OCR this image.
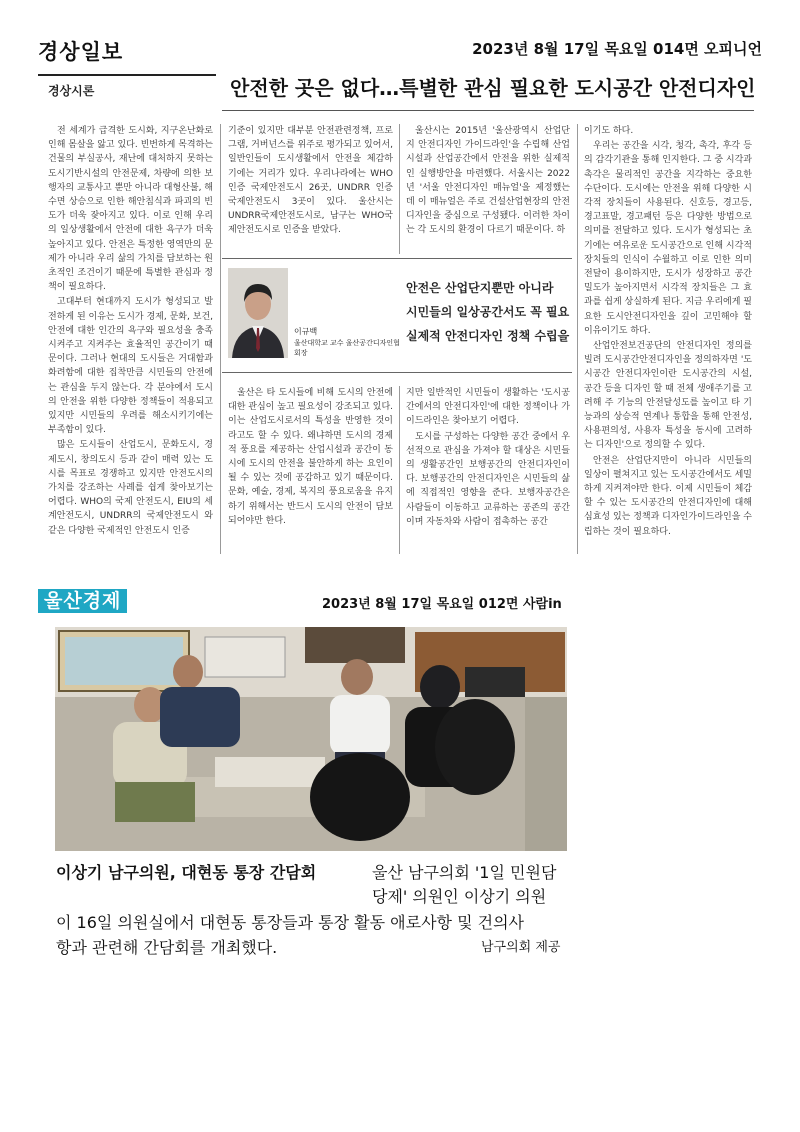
경상일보	2023년 8월 17일 목요일 014면 오피니언
경상시론	안전한 곳은 없다…특별한 관심 필요한 도시공간 안전디자인

전 세계가 급격한 도시화, 지구온난화로 인해 몸살을 앓고 있다. 빈번하게 목격하는 건물의 부실공사, 재난에 대처하지 못하는 도시기반시설의 안전문제, 차량에 의한 보행자의 교통사고 뿐만 아니라 대형산불, 해수면 상승으로 인한 해안침식과 파괴의 빈도가 더욱 잦아지고 있다. 이로 인해 우리의 일상생활에서 안전에 대한 욕구가 더욱 높아지고 있다. 안전은 특정한 영역만의 문제가 아니라 우리 삶의 가치를 담보하는 원초적인 조건이기 때문에 특별한 관심과 정책이 필요하다.

고대부터 현대까지 도시가 형성되고 발전하게 된 이유는 도시가 경제, 문화, 보건, 안전에 대한 인간의 욕구와 필요성을 충족시켜주고 지켜주는 효율적인 공간이기 때문이다. 그러나 현대의 도시들은 거대함과 화려함에 대한 집착만큼 시민들의 안전에는 관심을 두지 않는다. 각 분야에서 도시의 안전을 위한 다양한 정책들이 적용되고 있지만 시민들의 우려를 해소시키기에는 부족함이 있다.

많은 도시들이 산업도시, 문화도시, 경제도시, 창의도시 등과 같이 매력 있는 도시를 목표로 경쟁하고 있지만 안전도시의 가치를 강조하는 사례를 쉽게 찾아보기는 어렵다. WHO의 국제 안전도시, EIU의 세계안전도시, UNDRR의 국제안전도시 와 같은 다양한 국제적인 안전도시 인증

기준이 있지만 대부분 안전관련정책, 프로그램, 거버넌스를 위주로 평가되고 있어서, 일반인들이 도시생활에서 안전을 체감하기에는 거리가 있다. 우리나라에는 WHO인증 국제안전도시 26곳, UNDRR 인증 국제안전도시 3곳이 있다. 울산시는 UNDRR국제안전도시로, 남구는 WHO국제안전도시로 인증을 받았다.

울산시는 2015년 '울산광역시 산업단지 안전디자인 가이드라인'을 수립해 산업시설과 산업공간에서 안전을 위한 실제적인 실행방안을 마련했다. 서울시는 2022년 '서울 안전디자인 매뉴얼'을 제정했는데 이 매뉴얼은 주로 건설산업현장의 안전디자인을 중심으로 구성됐다. 이러한 차이는 각 도시의 환경이 다르기 때문이다. 하

이규백
울산대학교 교수 울산공간디자인협회장
안전은 산업단지뿐만 아니라
시민들의 일상공간서도 꼭 필요
실제적 안전디자인 정책 수립을

울산은 타 도시들에 비해 도시의 안전에 대한 관심이 높고 필요성이 강조되고 있다. 이는 산업도시로서의 특성을 반영한 것이라고도 할 수 있다. 왜냐하면 도시의 경제적 풍요를 제공하는 산업시설과 공간이 동시에 도시의 안전을 불안하게 하는 요인이 될 수 있는 것에 공감하고 있기 때문이다. 문화, 예술, 경제, 복지의 풍요로움을 유지하기 위해서는 반드시 도시의 안전이 담보 되어야만 한다.

지만 일반적인 시민들이 생활하는 '도시공간에서의 안전디자인'에 대한 정책이나 가이드라인은 찾아보기 어렵다.

도시를 구성하는 다양한 공간 중에서 우선적으로 관심을 가져야 할 대상은 시민들의 생활공간인 보행공간의 안전디자인이다. 보행공간의 안전디자인은 시민들의 삶에 직접적인 영향을 준다. 보행자공간은 사람들이 이동하고 교류하는 공존의 공간이며 자동차와 사람이 접촉하는 공간

이기도 하다.

우리는 공간을 시각, 청각, 촉각, 후각 등의 감각기관을 통해 인지한다. 그 중 시각과 촉각은 물리적인 공간을 지각하는 중요한 수단이다. 도시에는 안전을 위해 다양한 시각적 장치들이 사용된다. 신호등, 경고등, 경고표말, 경고패턴 등은 다양한 방법으로 의미를 전달하고 있다. 도시가 형성되는 초기에는 여유로운 도시공간으로 인해 시각적 장치들의 인식이 수월하고 이로 인한 의미전달이 용이하지만, 도시가 성장하고 공간밀도가 높아지면서 시각적 장치들은 그 효과를 쉽게 상실하게 된다. 지금 우리에게 필요한 도시안전디자인을 깊이 고민해야 할 이유이기도 하다.

산업안전보건공단의 안전디자인 정의를 빌려 도시공간안전디자인을 정의하자면 '도시공간 안전디자인이란 도시공간의 시설, 공간 등을 디자인 할 때 전체 생애주기를 고려해 주 기능의 안전달성도를 높이고 타 기능과의 상승적 연계나 통합을 통해 안전성, 사용편의성, 사용자 특성을 동시에 고려하는 디자인'으로 정의할 수 있다.

안전은 산업단지만이 아니라 시민들의 일상이 펼쳐지고 있는 도시공간에서도 세밀하게 지켜져야만 한다. 이제 시민들이 체감할 수 있는 도시공간의 안전디자인에 대해 심효성 있는 정책과 디자인가이드라인을 수립하는 것이 필요하다.

울산경제	2023년 8월 17일 목요일 012면 사람in
이상기 남구의원, 대현동 통장 간담회	울산 남구의회 '1일 민원담
당제' 의원인 이상기 의원
이 16일 의원실에서 대현동 통장들과 통장 활동 애로사항 및 건의사
항과 관련해 간담회를 개최했다.	남구의회 제공
